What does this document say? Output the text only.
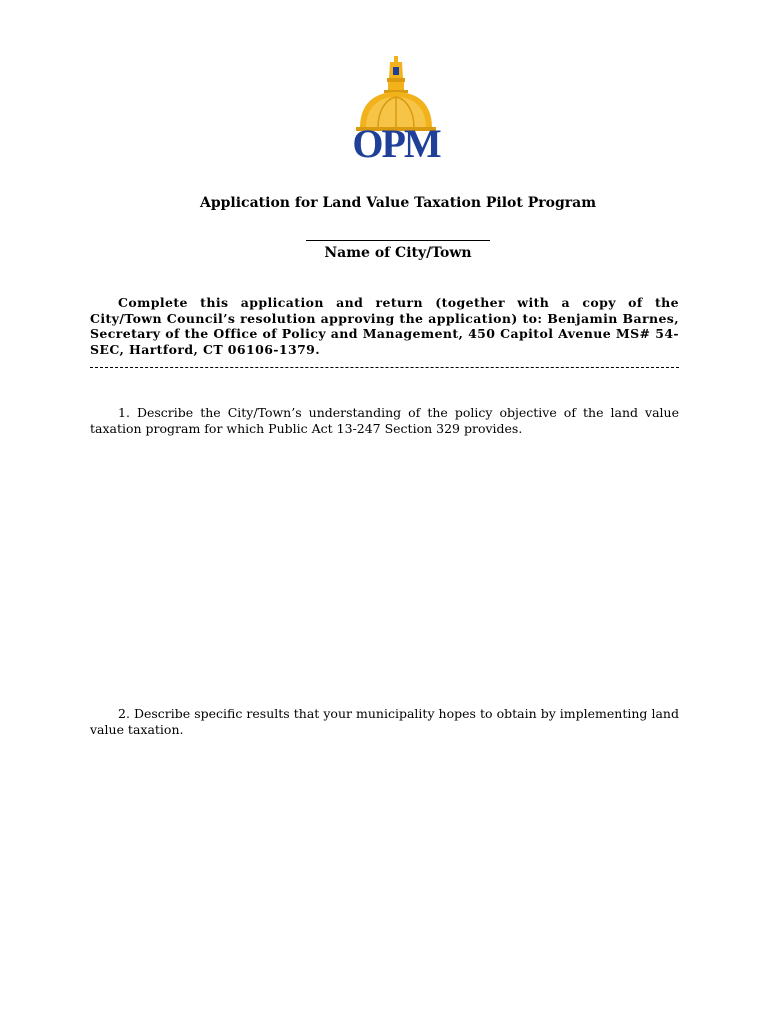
OPM
Application for Land Value Taxation Pilot Program
Name of City/Town
Complete this application and return (together with a copy of the City/Town Council’s resolution approving the application) to: Benjamin Barnes, Secretary of the Office of Policy and Management, 450 Capitol Avenue MS# 54-SEC, Hartford, CT 06106-1379.
1. Describe the City/Town’s understanding of the policy objective of the land value taxation program for which Public Act 13-247 Section 329 provides.
2. Describe specific results that your municipality hopes to obtain by implementing land value taxation.
